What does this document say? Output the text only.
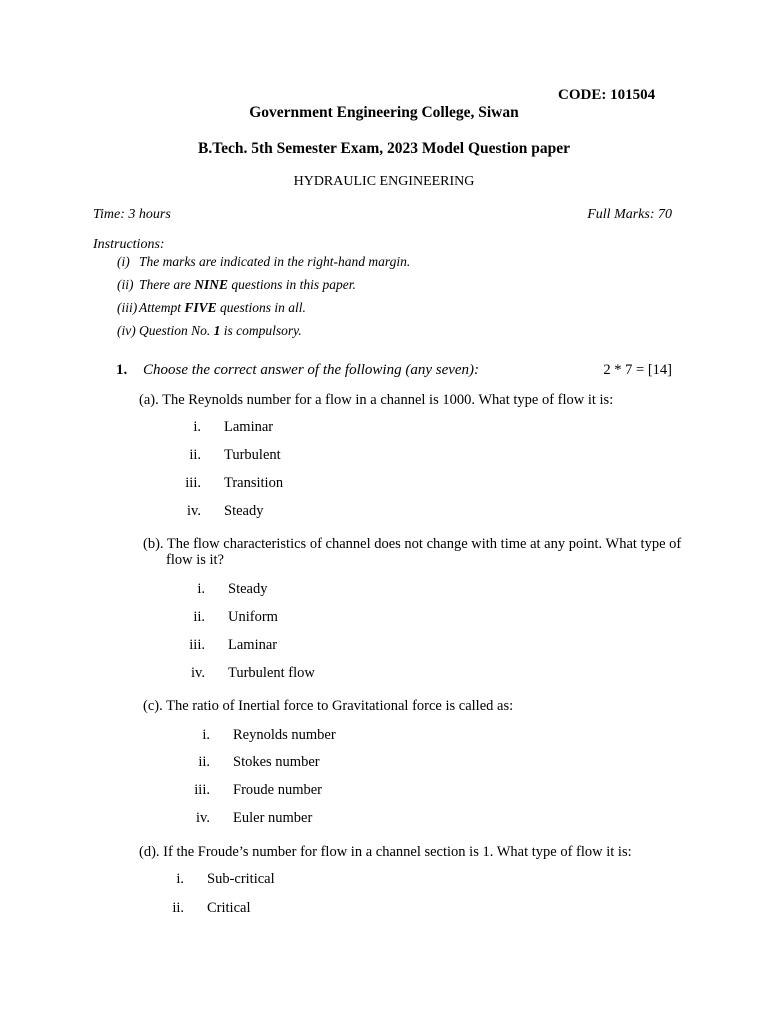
CODE: 101504
Government Engineering College, Siwan
B.Tech. 5th Semester Exam, 2023 Model Question paper
HYDRAULIC ENGINEERING
Time: 3 hours	Full Marks: 70
Instructions:
(i) The marks are indicated in the right-hand margin.
(ii) There are NINE questions in this paper.
(iii) Attempt FIVE questions in all.
(iv) Question No. 1 is compulsory.
1. Choose the correct answer of the following (any seven):	2 * 7 = [14]
(a). The Reynolds number for a flow in a channel is 1000. What type of flow it is:
i. Laminar
ii. Turbulent
iii. Transition
iv. Steady
(b). The flow characteristics of channel does not change with time at any point. What type of flow is it?
i. Steady
ii. Uniform
iii. Laminar
iv. Turbulent flow
(c). The ratio of Inertial force to Gravitational force is called as:
i. Reynolds number
ii. Stokes number
iii. Froude number
iv. Euler number
(d). If the Froude’s number for flow in a channel section is 1. What type of flow it is:
i. Sub-critical
ii. Critical
